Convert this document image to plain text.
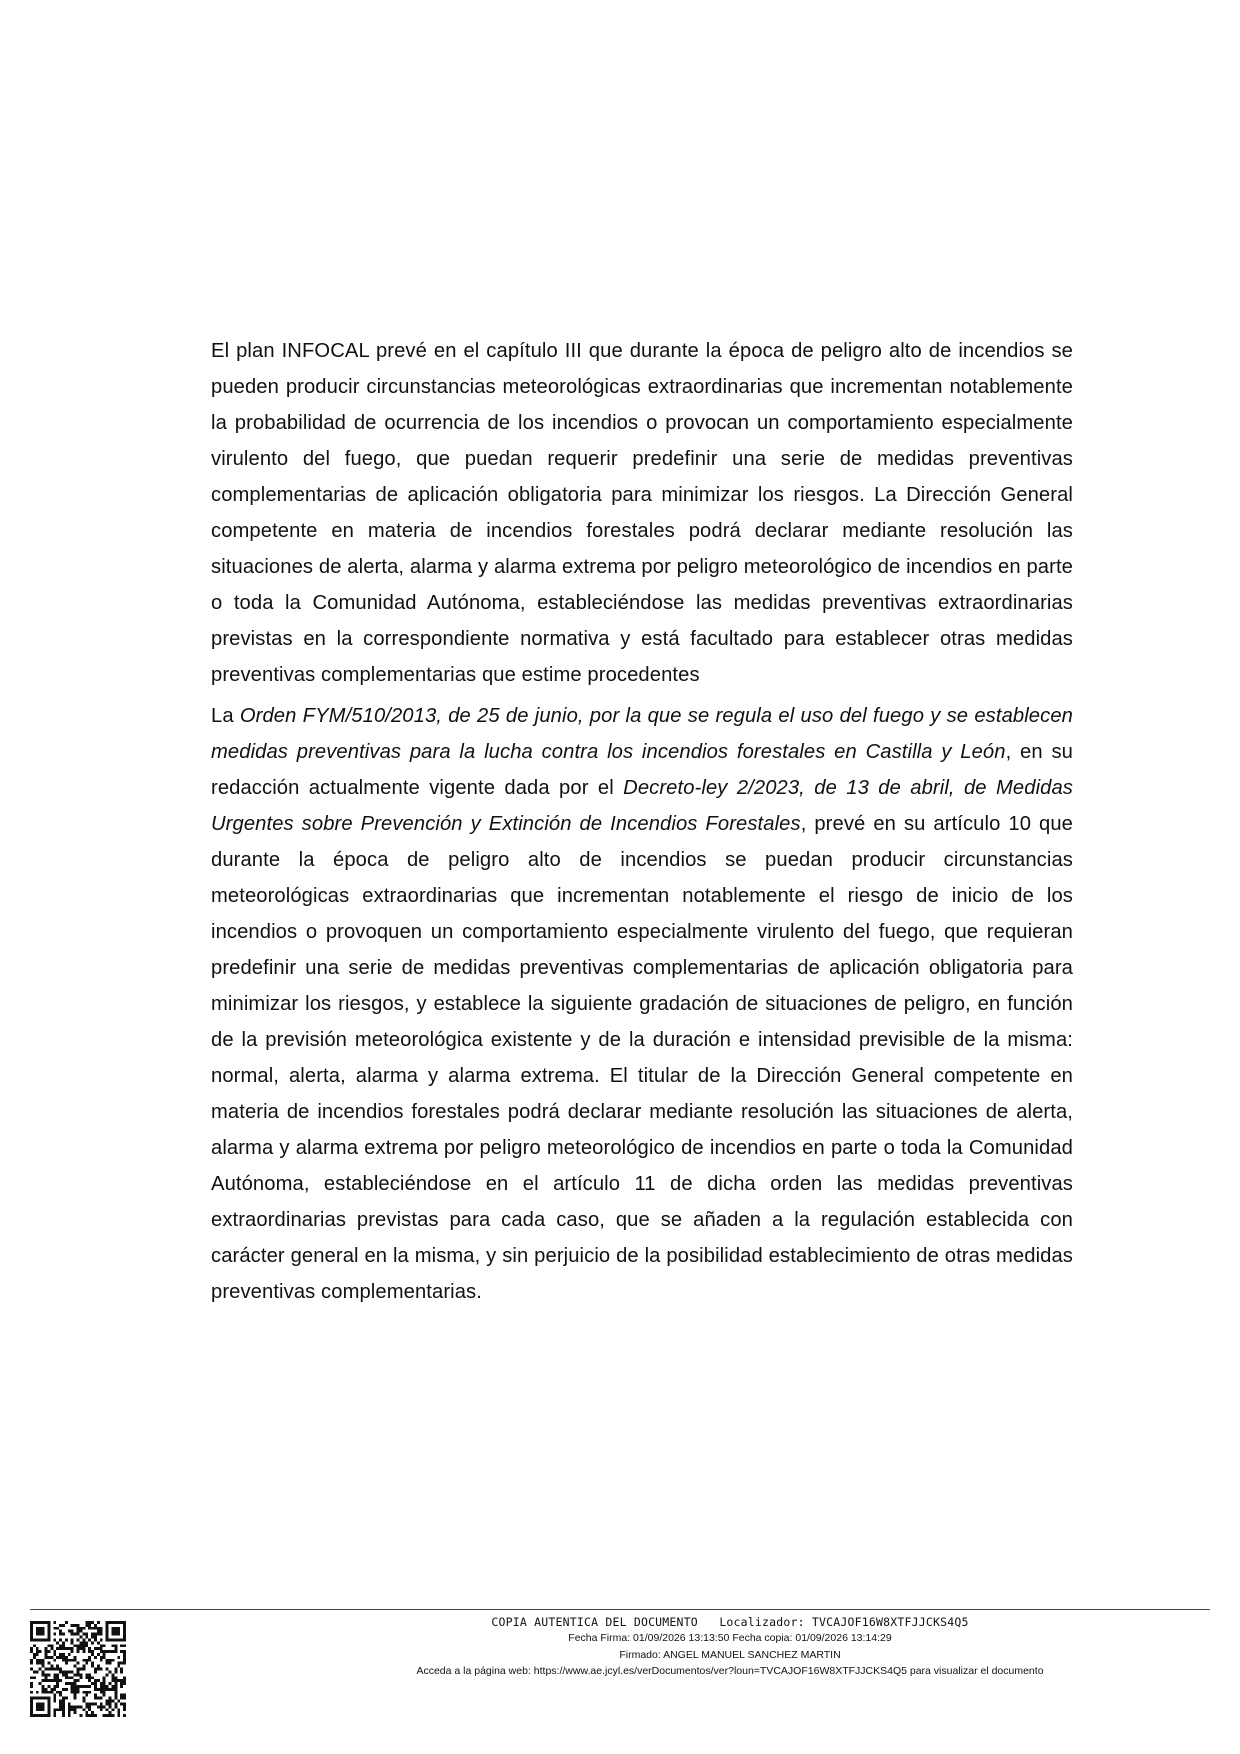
El plan INFOCAL prevé en el capítulo III que durante la época de peligro alto de incendios se pueden producir circunstancias meteorológicas extraordinarias que incrementan notablemente la probabilidad de ocurrencia de los incendios o provocan un comportamiento especialmente virulento del fuego, que puedan requerir predefinir una serie de medidas preventivas complementarias de aplicación obligatoria para minimizar los riesgos. La Dirección General competente en materia de incendios forestales podrá declarar mediante resolución las situaciones de alerta, alarma y alarma extrema por peligro meteorológico de incendios en parte o toda la Comunidad Autónoma, estableciéndose las medidas preventivas extraordinarias previstas en la correspondiente normativa y está facultado para establecer otras medidas preventivas complementarias que estime procedentes

La Orden FYM/510/2013, de 25 de junio, por la que se regula el uso del fuego y se establecen medidas preventivas para la lucha contra los incendios forestales en Castilla y León, en su redacción actualmente vigente dada por el Decreto-ley 2/2023, de 13 de abril, de Medidas Urgentes sobre Prevención y Extinción de Incendios Forestales, prevé en su artículo 10 que durante la época de peligro alto de incendios se puedan producir circunstancias meteorológicas extraordinarias que incrementan notablemente el riesgo de inicio de los incendios o provoquen un comportamiento especialmente virulento del fuego, que requieran predefinir una serie de medidas preventivas complementarias de aplicación obligatoria para minimizar los riesgos, y establece la siguiente gradación de situaciones de peligro, en función de la previsión meteorológica existente y de la duración e intensidad previsible de la misma: normal, alerta, alarma y alarma extrema. El titular de la Dirección General competente en materia de incendios forestales podrá declarar mediante resolución las situaciones de alerta, alarma y alarma extrema por peligro meteorológico de incendios en parte o toda la Comunidad Autónoma, estableciéndose en el artículo 11 de dicha orden las medidas preventivas extraordinarias previstas para cada caso, que se añaden a la regulación establecida con carácter general en la misma, y sin perjuicio de la posibilidad establecimiento de otras medidas preventivas complementarias.

COPIA AUTENTICA DEL DOCUMENTO Localizador: TVCAJOF16W8XTFJJCKS4Q5
Fecha Firma: 01/09/2026 13:13:50 Fecha copia: 01/09/2026 13:14:29
Firmado: ANGEL MANUEL SANCHEZ MARTIN
Acceda a la página web: https://www.ae.jcyl.es/verDocumentos/ver?loun=TVCAJOF16W8XTFJJCKS4Q5 para visualizar el documento
